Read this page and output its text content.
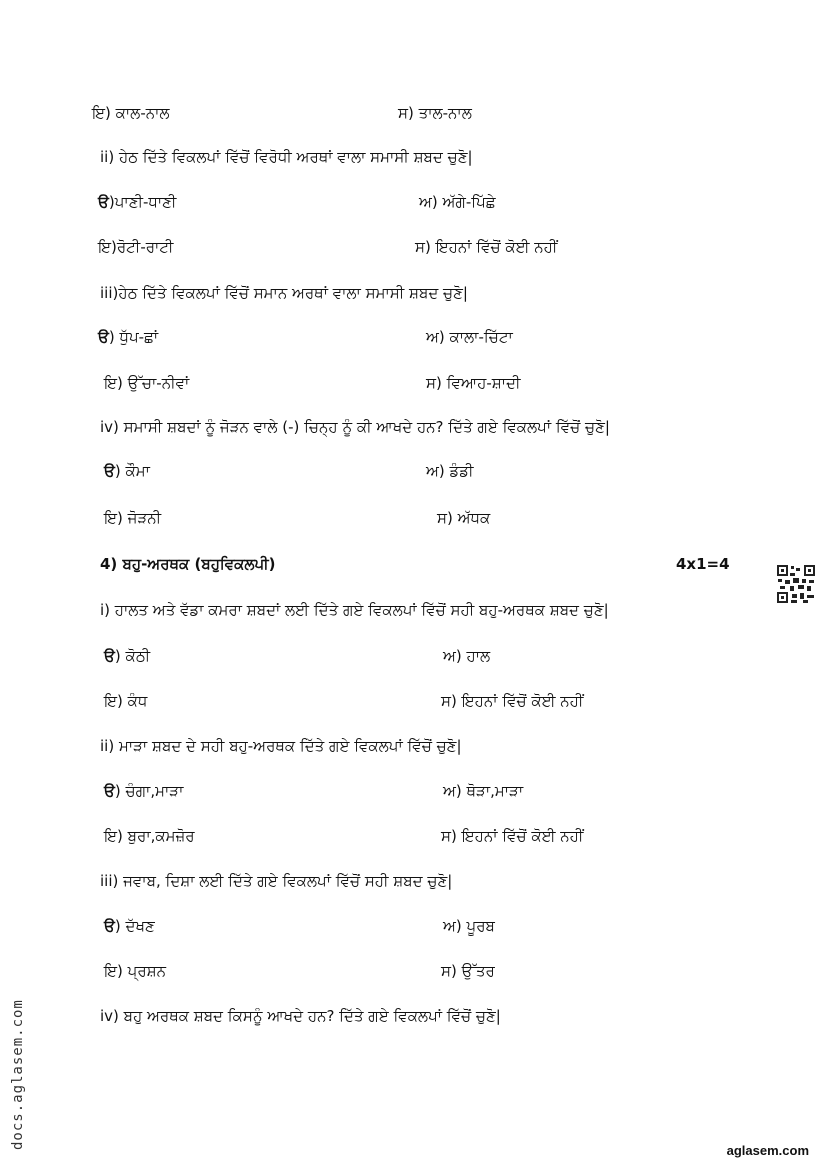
ਇ) ਕਾਲ-ਨਾਲ	ਸ) ਤਾਲ-ਨਾਲ
ii) ਹੇਠ ਦਿੱਤੇ ਵਿਕਲਪਾਂ ਵਿੱਚੋਂ ਵਿਰੋਧੀ ਅਰਥਾਂ ਵਾਲਾ ਸਮਾਸੀ ਸ਼ਬਦ ਚੁਣੋ|
ੳ)ਪਾਣੀ-ਧਾਣੀ	ਅ) ਅੱਗੇ-ਪਿੱਛੇ
ਇ)ਰੋਟੀ-ਰਾਟੀ	ਸ) ਇਹਨਾਂ ਵਿੱਚੋਂ ਕੋਈ ਨਹੀਂ
iii)ਹੇਠ ਦਿੱਤੇ ਵਿਕਲਪਾਂ ਵਿੱਚੋਂ ਸਮਾਨ ਅਰਥਾਂ ਵਾਲਾ ਸਮਾਸੀ ਸ਼ਬਦ ਚੁਣੋ|
ੳ) ਧੁੱਪ-ਛਾਂ	ਅ) ਕਾਲਾ-ਚਿੱਟਾ
ਇ) ਉੱਚਾ-ਨੀਵਾਂ	ਸ) ਵਿਆਹ-ਸ਼ਾਦੀ
iv) ਸਮਾਸੀ ਸ਼ਬਦਾਂ ਨੂੰ ਜੋੜਨ ਵਾਲੇ (-) ਚਿਨ੍ਹ ਨੂੰ ਕੀ ਆਖਦੇ ਹਨ? ਦਿੱਤੇ ਗਏ ਵਿਕਲਪਾਂ ਵਿੱਚੋਂ ਚੁਣੋ|
ੳ) ਕੌਮਾ	ਅ) ਡੰਡੀ
ਇ) ਜੋੜਨੀ	ਸ) ਅੱਧਕ
4) ਬਹੁ-ਅਰਥਕ (ਬਹੁਵਿਕਲਪੀ)	4x1=4
i) ਹਾਲਤ ਅਤੇ ਵੱਡਾ ਕਮਰਾ ਸ਼ਬਦਾਂ ਲਈ ਦਿੱਤੇ ਗਏ ਵਿਕਲਪਾਂ ਵਿੱਚੋਂ ਸਹੀ ਬਹੁ-ਅਰਥਕ ਸ਼ਬਦ ਚੁਣੋ|
ੳ) ਕੋਠੀ	ਅ) ਹਾਲ
ਇ) ਕੰਧ	ਸ) ਇਹਨਾਂ ਵਿੱਚੋਂ ਕੋਈ ਨਹੀਂ
ii) ਮਾੜਾ ਸ਼ਬਦ ਦੇ ਸਹੀ ਬਹੁ-ਅਰਥਕ ਦਿੱਤੇ ਗਏ ਵਿਕਲਪਾਂ ਵਿੱਚੋਂ ਚੁਣੋ|
ੳ) ਚੰਗਾ,ਮਾੜਾ	ਅ) ਥੋੜਾ,ਮਾੜਾ
ਇ) ਬੁਰਾ,ਕਮਜ਼ੋਰ	ਸ) ਇਹਨਾਂ ਵਿੱਚੋਂ ਕੋਈ ਨਹੀਂ
iii) ਜਵਾਬ, ਦਿਸ਼ਾ ਲਈ ਦਿੱਤੇ ਗਏ ਵਿਕਲਪਾਂ ਵਿੱਚੋਂ ਸਹੀ ਸ਼ਬਦ ਚੁਣੋ|
ੳ) ਦੱਖਣ	ਅ) ਪੂਰਬ
ਇ) ਪ੍ਰਸ਼ਨ	ਸ) ਉੱਤਰ
iv) ਬਹੁ ਅਰਥਕ ਸ਼ਬਦ ਕਿਸਨੂੰ ਆਖਦੇ ਹਨ? ਦਿੱਤੇ ਗਏ ਵਿਕਲਪਾਂ ਵਿੱਚੋਂ ਚੁਣੋ|
docs.aglasem.com
aglasem.com
